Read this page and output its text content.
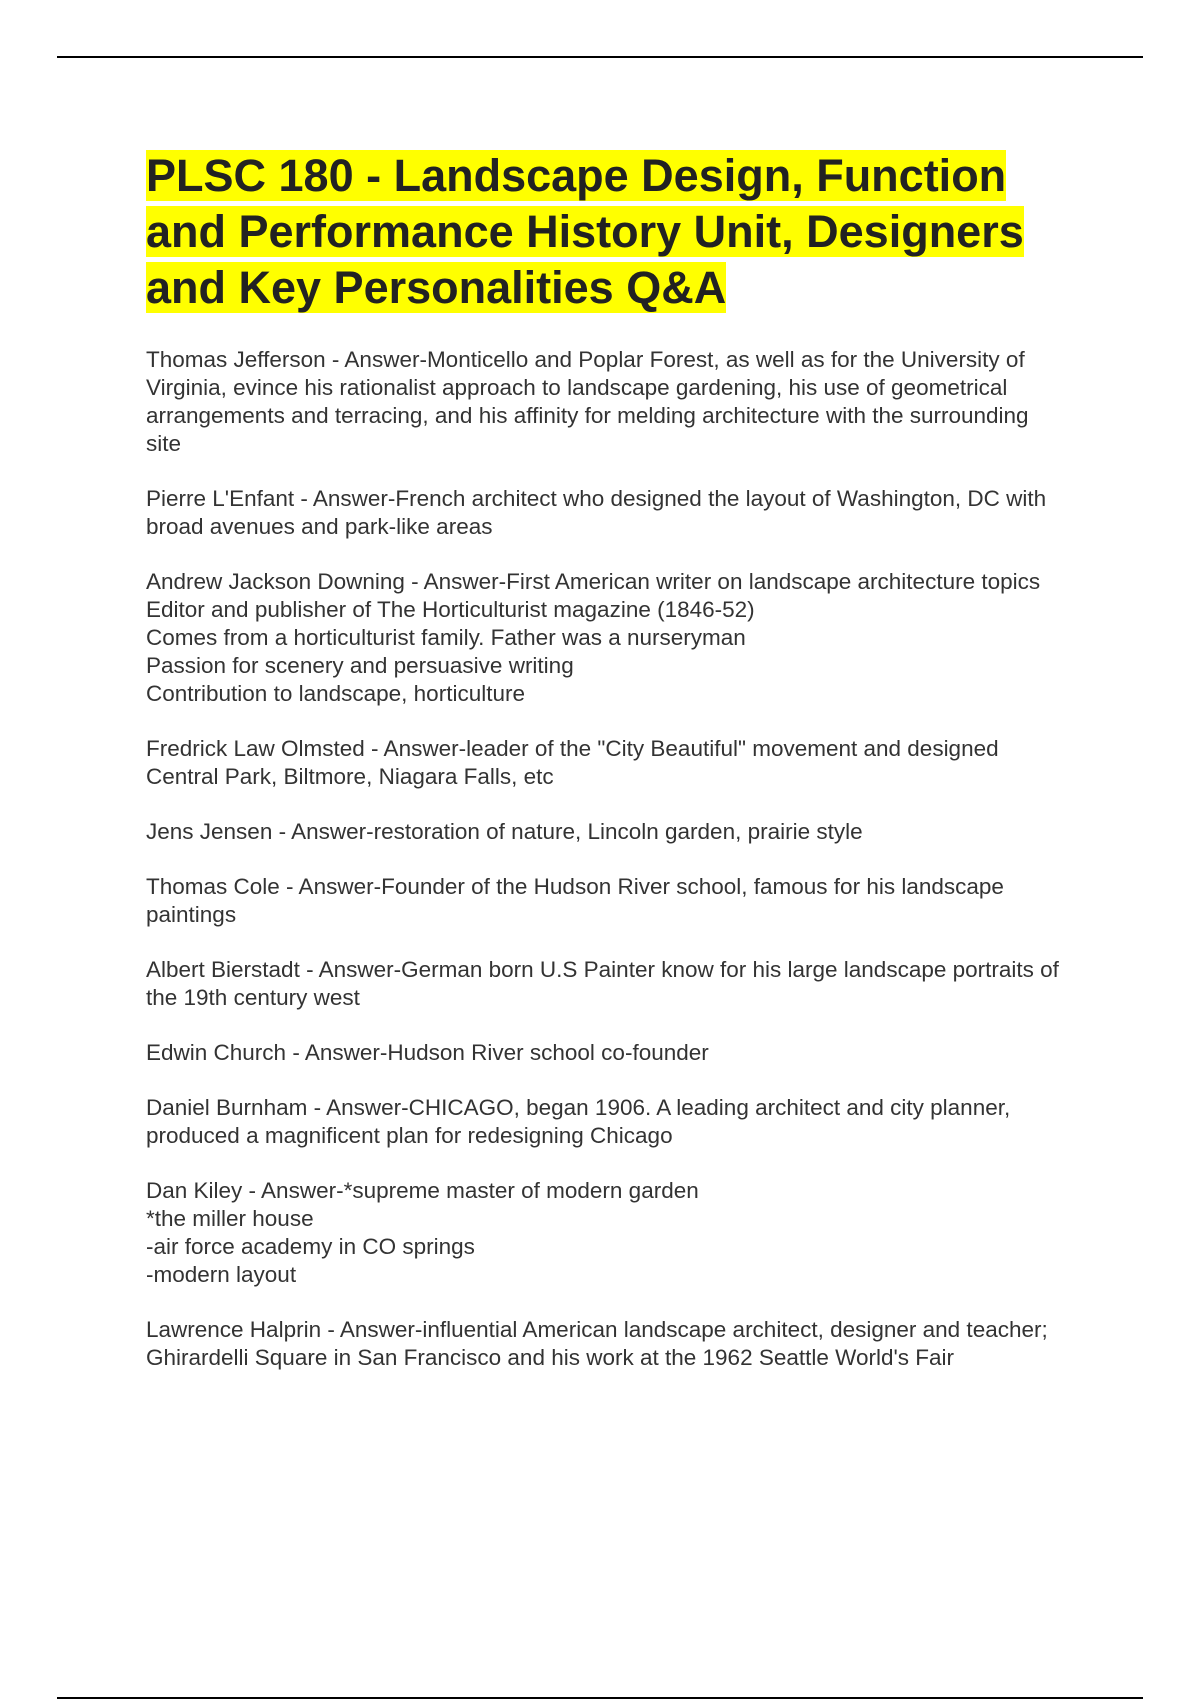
PLSC 180 - Landscape Design, Function and Performance History Unit, Designers and Key Personalities Q&A

Thomas Jefferson - Answer-Monticello and Poplar Forest, as well as for the University of Virginia, evince his rationalist approach to landscape gardening, his use of geometrical arrangements and terracing, and his affinity for melding architecture with the surrounding site

Pierre L'Enfant - Answer-French architect who designed the layout of Washington, DC with broad avenues and park-like areas

Andrew Jackson Downing - Answer-First American writer on landscape architecture topics
Editor and publisher of The Horticulturist magazine (1846-52)
Comes from a horticulturist family. Father was a nurseryman
Passion for scenery and persuasive writing
Contribution to landscape, horticulture

Fredrick Law Olmsted - Answer-leader of the "City Beautiful" movement and designed Central Park, Biltmore, Niagara Falls, etc

Jens Jensen - Answer-restoration of nature, Lincoln garden, prairie style

Thomas Cole - Answer-Founder of the Hudson River school, famous for his landscape paintings

Albert Bierstadt - Answer-German born U.S Painter know for his large landscape portraits of the 19th century west

Edwin Church - Answer-Hudson River school co-founder

Daniel Burnham - Answer-CHICAGO, began 1906. A leading architect and city planner, produced a magnificent plan for redesigning Chicago

Dan Kiley - Answer-*supreme master of modern garden
*the miller house
-air force academy in CO springs
-modern layout

Lawrence Halprin - Answer-influential American landscape architect, designer and teacher; Ghirardelli Square in San Francisco and his work at the 1962 Seattle World's Fair
